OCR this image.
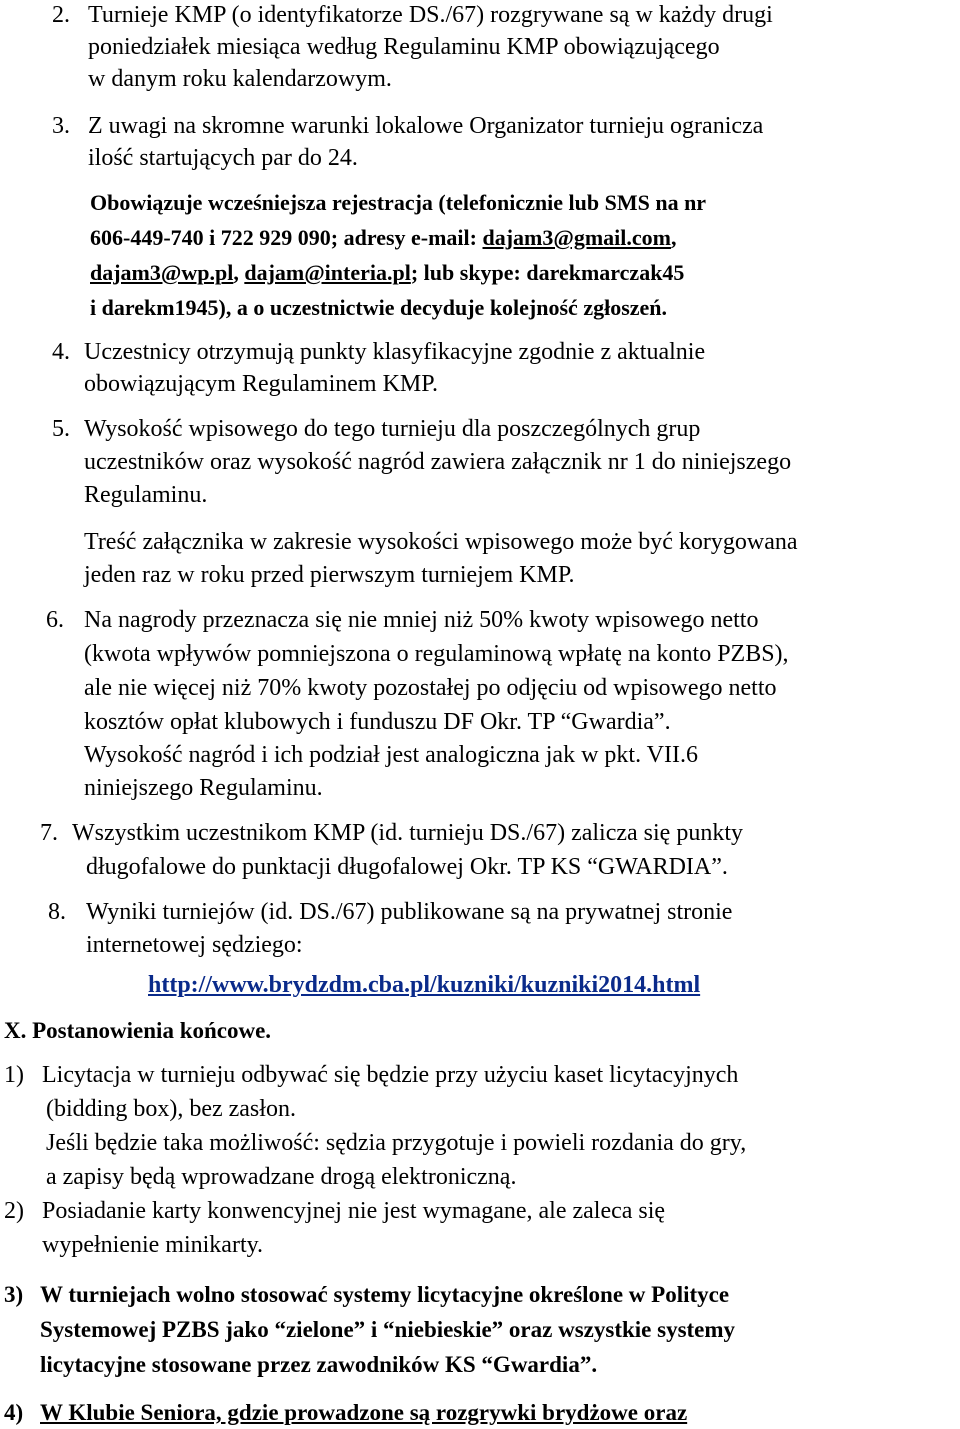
2. Turnieje KMP (o identyfikatorze DS./67) rozgrywane są w każdy drugi
poniedziałek miesiąca według Regulaminu KMP obowiązującego
w danym roku kalendarzowym.
3. Z uwagi na skromne warunki lokalowe Organizator turnieju ogranicza
ilość startujących par do 24.
Obowiązuje wcześniejsza rejestracja (telefonicznie lub SMS na nr
606-449-740 i 722 929 090; adresy e-mail: dajam3@gmail.com,
dajam3@wp.pl, dajam@interia.pl; lub skype: darekmarczak45
i darekm1945), a o uczestnictwie decyduje kolejność zgłoszeń.
4. Uczestnicy otrzymują punkty klasyfikacyjne zgodnie z aktualnie
obowiązującym Regulaminem KMP.
5. Wysokość wpisowego do tego turnieju dla poszczególnych grup
uczestników oraz wysokość nagród zawiera załącznik nr 1 do niniejszego
Regulaminu.
Treść załącznika w zakresie wysokości wpisowego może być korygowana
jeden raz w roku przed pierwszym turniejem KMP.
6. Na nagrody przeznacza się nie mniej niż 50% kwoty wpisowego netto
(kwota wpływów pomniejszona o regulaminową wpłatę na konto PZBS),
ale nie więcej niż 70% kwoty pozostałej po odjęciu od wpisowego netto
kosztów opłat klubowych i funduszu DF Okr. TP “Gwardia”.
Wysokość nagród i ich podział jest analogiczna jak w pkt. VII.6
niniejszego Regulaminu.
7. Wszystkim uczestnikom KMP (id. turnieju DS./67) zalicza się punkty
długofalowe do punktacji długofalowej Okr. TP KS “GWARDIA”.
8. Wyniki turniejów (id. DS./67) publikowane są na prywatnej stronie
internetowej sędziego:
http://www.brydzdm.cba.pl/kuzniki/kuzniki2014.html
X. Postanowienia końcowe.
1) Licytacja w turnieju odbywać się będzie przy użyciu kaset licytacyjnych
(bidding box), bez zasłon.
Jeśli będzie taka możliwość: sędzia przygotuje i powieli rozdania do gry,
a zapisy będą wprowadzane drogą elektroniczną.
2) Posiadanie karty konwencyjnej nie jest wymagane, ale zaleca się
wypełnienie minikarty.
3) W turniejach wolno stosować systemy licytacyjne określone w Polityce
Systemowej PZBS jako “zielone” i “niebieskie” oraz wszystkie systemy
licytacyjne stosowane przez zawodników KS “Gwardia”.
4) W Klubie Seniora, gdzie prowadzone są rozgrywki brydżowe oraz
